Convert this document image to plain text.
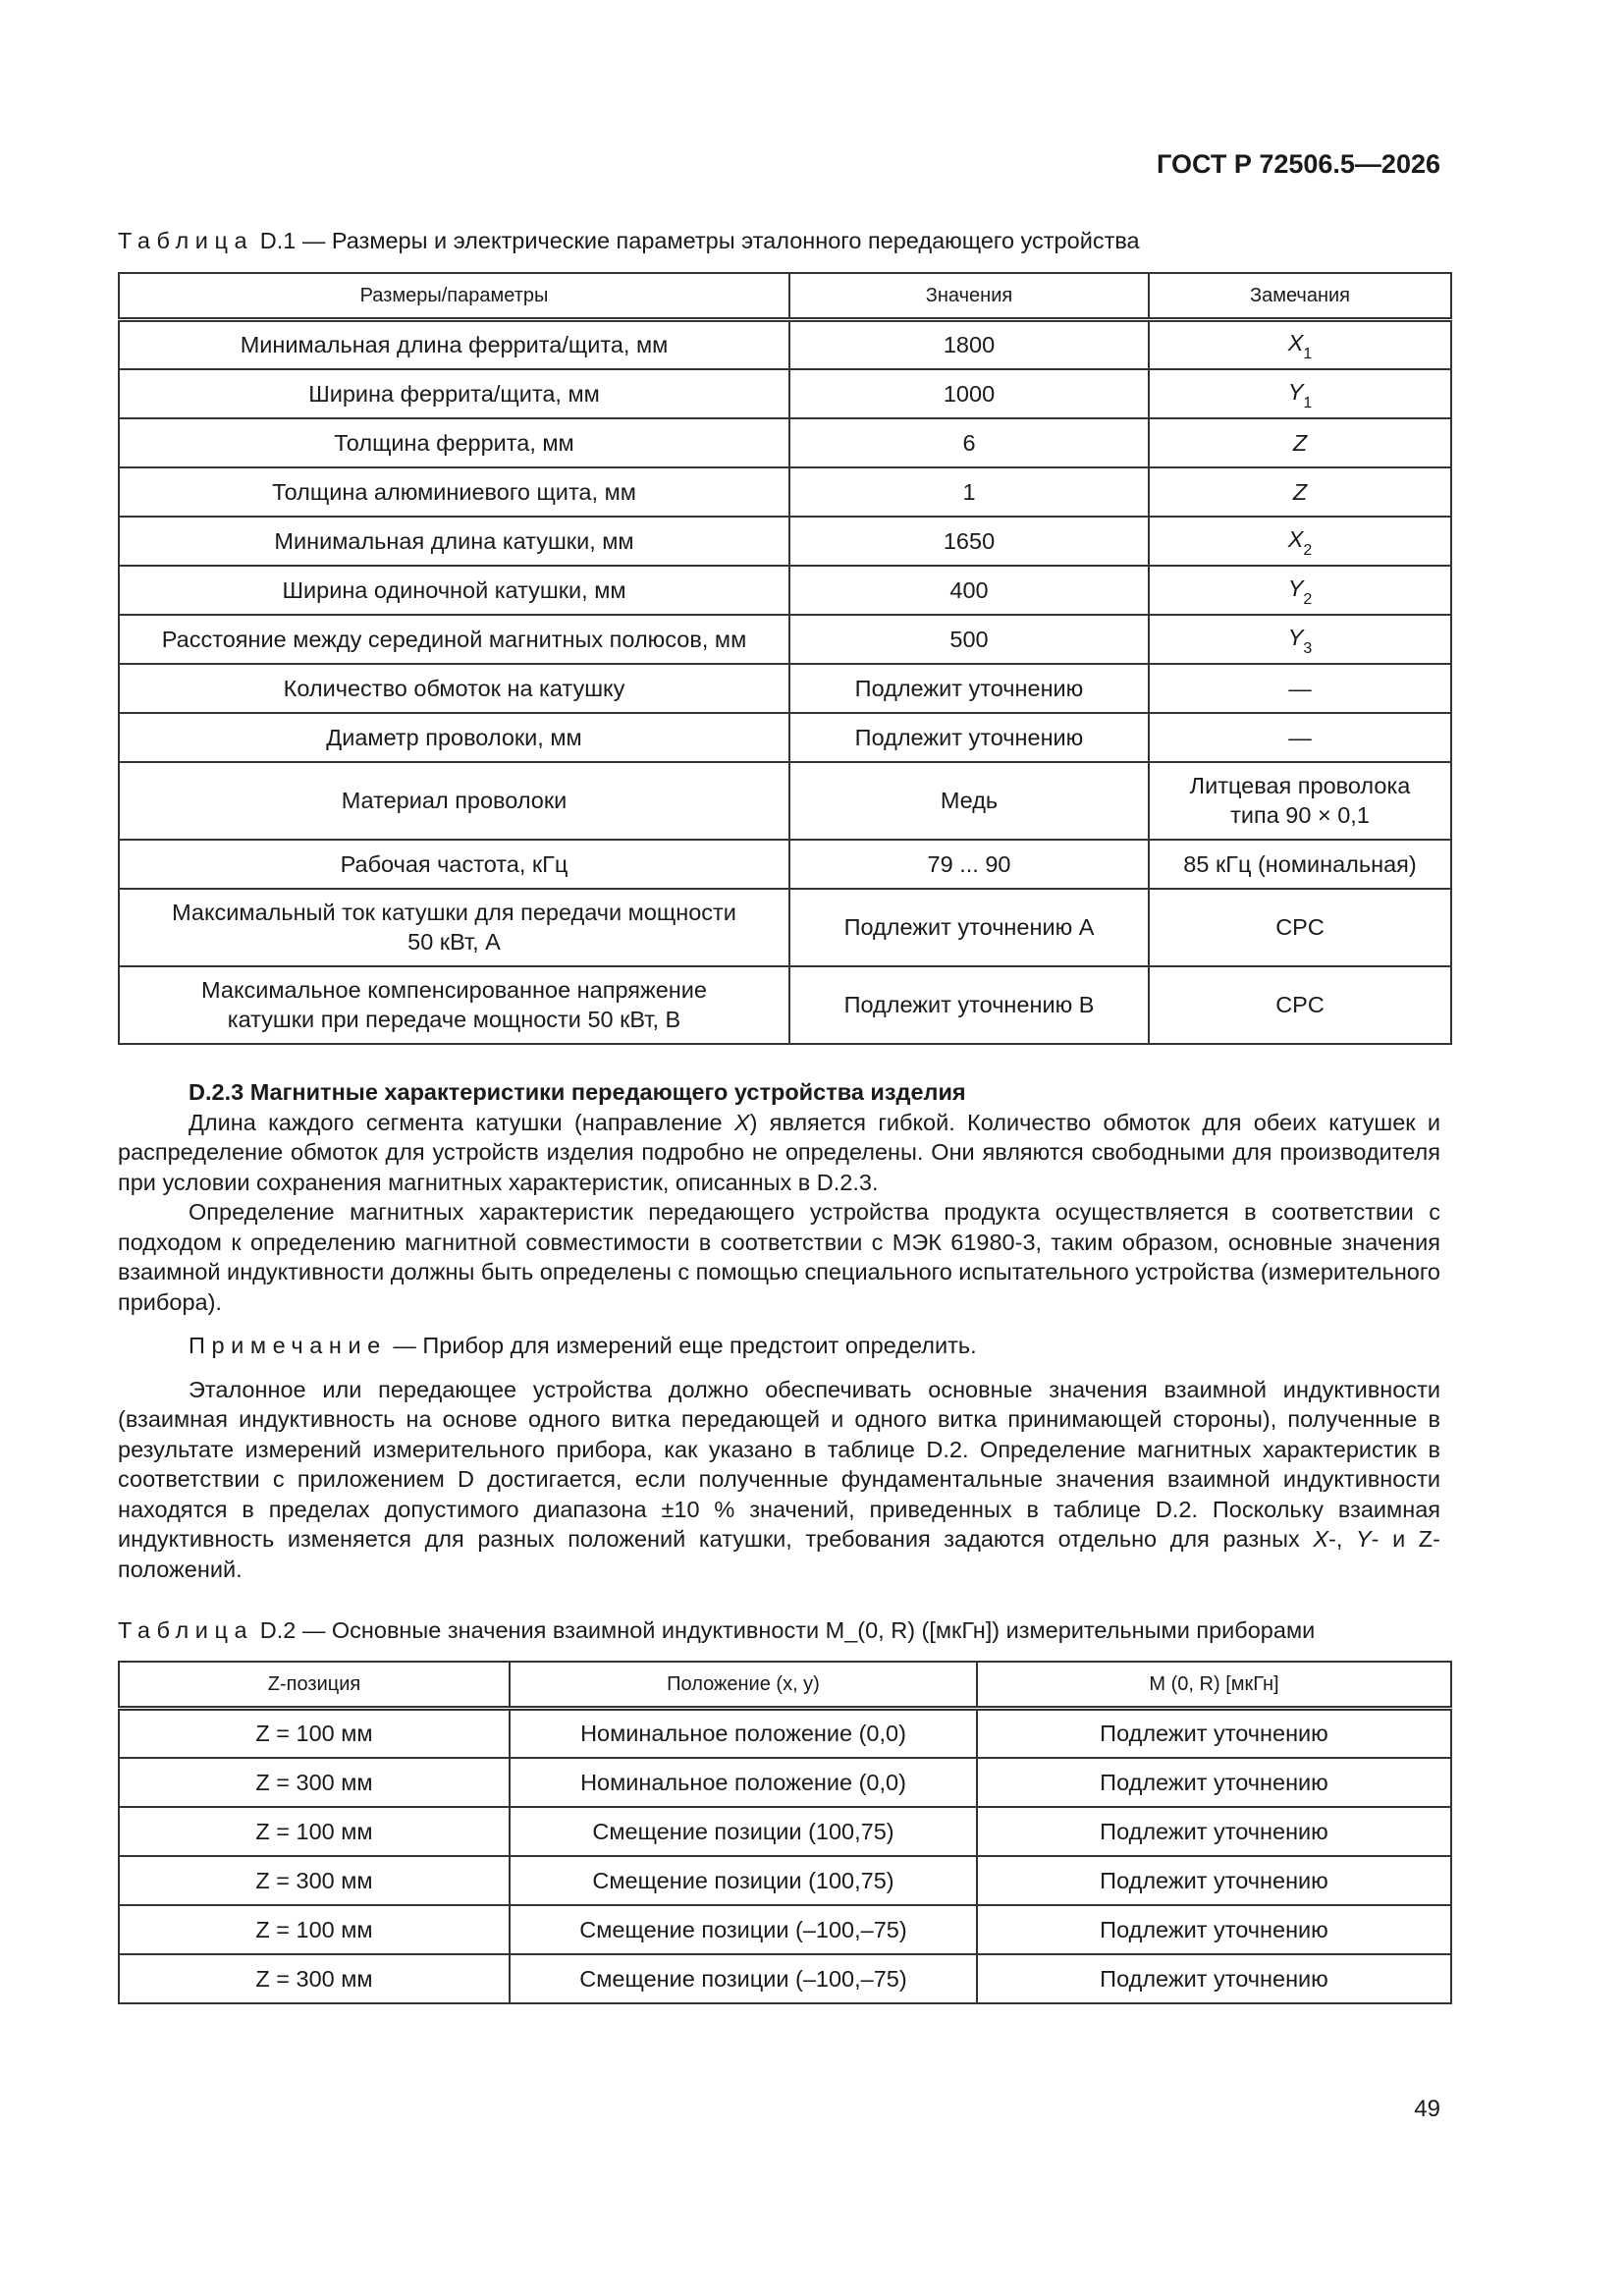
ГОСТ Р 72506.5—2026
Таблица D.1 — Размеры и электрические параметры эталонного передающего устройства
Размеры/параметры	Значения	Замечания
Минимальная длина феррита/щита, мм	1800	$X_1$
Ширина феррита/щита, мм	1000	$Y_1$
Толщина феррита, мм	6	Z
Толщина алюминиевого щита, мм	1	Z
Минимальная длина катушки, мм	1650	$X_2$
Ширина одиночной катушки, мм	400	$Y_2$
Расстояние между серединой магнитных полюсов, мм	500	$Y_3$
Количество обмоток на катушку	Подлежит уточнению	—
Диаметр проволоки, мм	Подлежит уточнению	—
Материал проволоки	Медь	Литцевая проволока
типа 90 × 0,1

Рабочая частота, кГц	79 ... 90	85 кГц (номинальная)

Максимальный ток катушки для передачи мощности
50 кВт, А	Подлежит уточнению А	CPC

Максимальное компенсированное напряжение
катушки при передаче мощности 50 кВт, В	Подлежит уточнению В	CPC

D.2.3 Магнитные характеристики передающего устройства изделия

Длина каждого сегмента катушки (направление X) является гибкой. Количество обмоток для обеих катушек и распределение обмоток для устройств изделия подробно не определены. Они являются свободными для производителя при условии сохранения магнитных характеристик, описанных в D.2.3.

Определение магнитных характеристик передающего устройства продукта осуществляется в соответствии с подходом к определению магнитной совместимости в соответствии с МЭК 61980-3, таким образом, основные значения взаимной индуктивности должны быть определены с помощью специального испытательного устройства (измерительного прибора).

Примечание — Прибор для измерений еще предстоит определить.

Эталонное или передающее устройства должно обеспечивать основные значения взаимной индуктивности (взаимная индуктивность на основе одного витка передающей и одного витка принимающей стороны), полученные в результате измерений измерительного прибора, как указано в таблице D.2. Определение магнитных характеристик в соответствии с приложением D достигается, если полученные фундаментальные значения взаимной индуктивности находятся в пределах допустимого диапазона ±10 % значений, приведенных в таблице D.2. Поскольку взаимная индуктивность изменяется для разных положений катушки, требования задаются отдельно для разных X-, Y- и Z-положений.

Таблица D.2 — Основные значения взаимной индуктивности M_(0, R) ([мкГн]) измерительными приборами
Z-позиция	Положение (x, y)	M (0, R) [мкГн]
Z = 100 мм	Номинальное положение (0,0)	Подлежит уточнению
Z = 300 мм	Номинальное положение (0,0)	Подлежит уточнению
Z = 100 мм	Смещение позиции (100,75)	Подлежит уточнению
Z = 300 мм	Смещение позиции (100,75)	Подлежит уточнению
Z = 100 мм	Смещение позиции (–100,–75)	Подлежит уточнению
Z = 300 мм	Смещение позиции (–100,–75)	Подлежит уточнению
49
